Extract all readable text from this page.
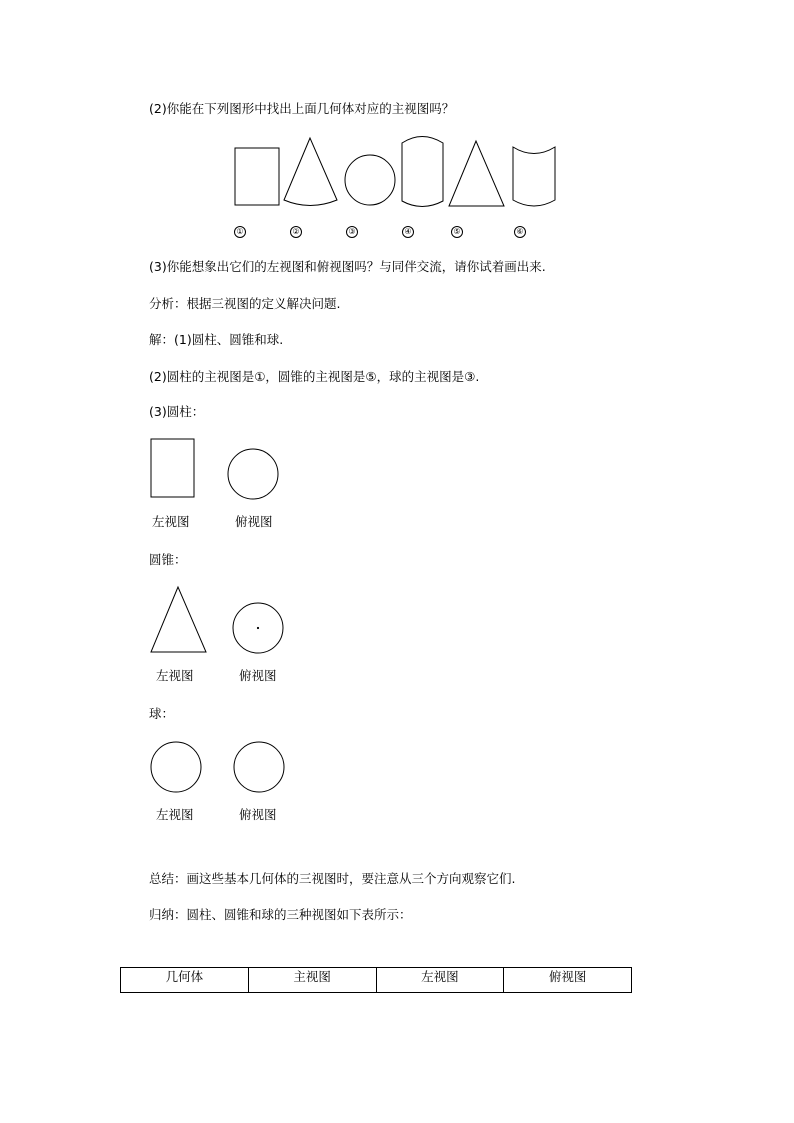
(2)你能在下列图形中找出上面几何体对应的主视图吗？
①	②	③	④	⑤	⑥
(3)你能想象出它们的左视图和俯视图吗？与同伴交流，请你试着画出来.
分析：根据三视图的定义解决问题.
解：(1)圆柱、圆锥和球.
(2)圆柱的主视图是①，圆锥的主视图是⑤，球的主视图是③.
(3)圆柱：
左视图	俯视图
圆锥：
左视图	俯视图
球：
左视图	俯视图
总结：画这些基本几何体的三视图时，要注意从三个方向观察它们.
归纳：圆柱、圆锥和球的三种视图如下表所示：
几何体	主视图	左视图	俯视图
